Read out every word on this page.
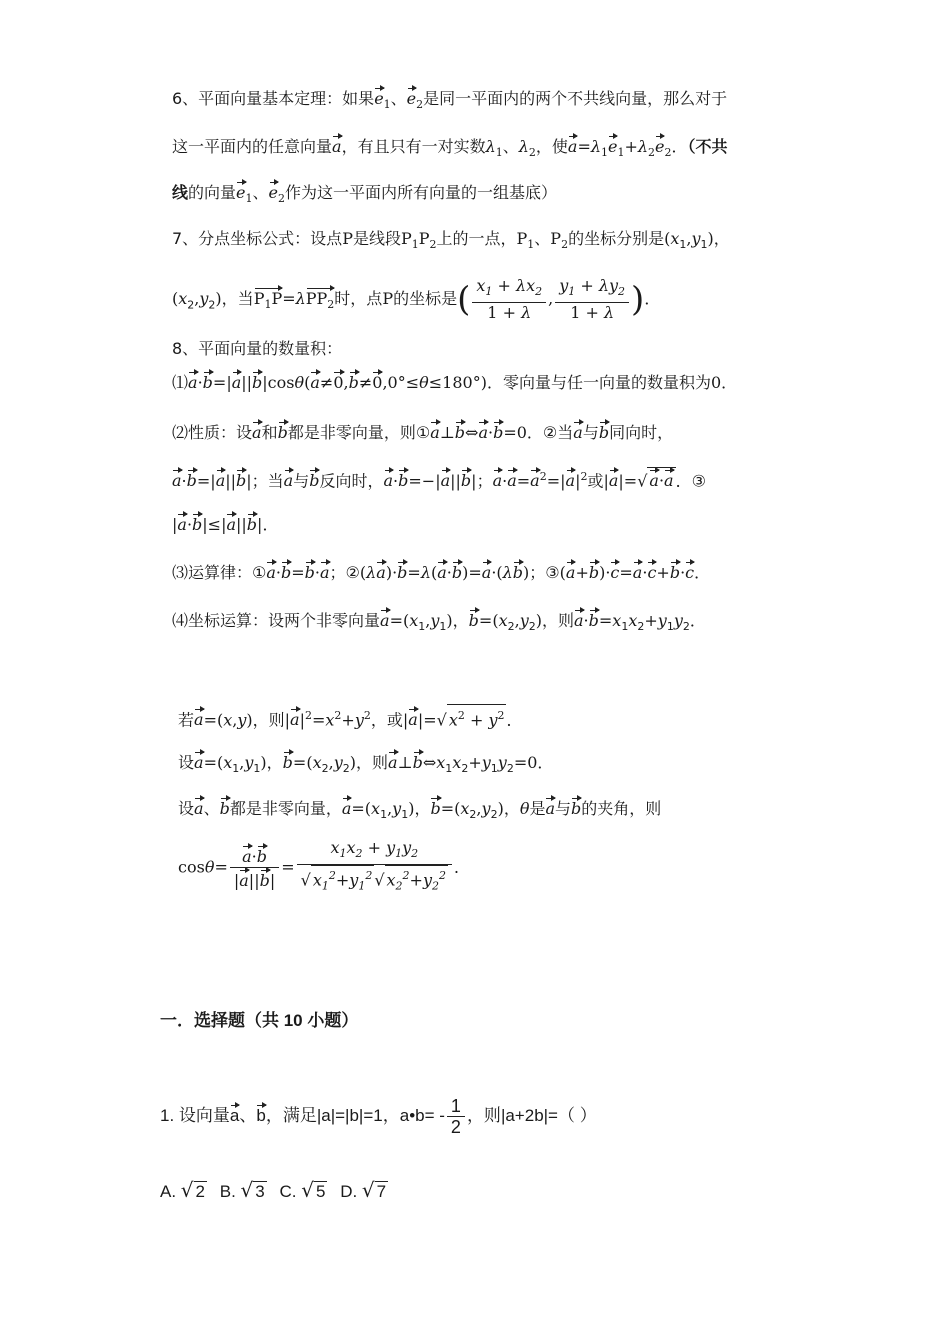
6、平面向量基本定理：如果$e_1$、$e_2$是同一平面内的两个不共线向量，那么对于
这一平面内的任意向量a，有且只有一对实数$\lambda_1$、$\lambda_2$，使$a=\lambda_1e_1+\lambda_2e_2$．（不共
线的向量$e_1$、$e_2$作为这一平面内所有向量的一组基底）
7、分点坐标公式：设点P是线段$P_1P_2$上的一点，$P_1$、$P_2$的坐标分别是$(x_1,y_1)$，
$(x_2,y_2)$，当$P_1P=\lambda PP_2$时，点P的坐标是( $\frac{x_1 + \lambda x_2}{1 + \lambda}$ , $\frac{y_1 + \lambda y_2}{1 + \lambda}$ )．
8、平面向量的数量积：
⑴a·b=|a||b|cosθ(a≠0,b≠0,0°≤θ≤180°)．零向量与任一向量的数量积为0．
⑵性质：设a和b都是非零向量，则①a⊥b⇔a·b=0．②当a与b同向时，
a·b=|a||b|；当a与b反向时，a·b=−|a||b|；$a\cdot a=a^2=|a|^2$或|a|=√ a·a ．③
|a·b|≤|a||b|．
⑶运算律：①a·b=b·a；②(λa)·b=λ(a·b)=a·(λb)；③(a+b)·c=a·c+b·c．
⑷坐标运算：设两个非零向量$a=(x_1,y_1)$，$b=(x_2,y_2)$，则$a\cdot b=x_1x_2+y_1y_2$．
若a=(x,y)，则$|a|^2=x^2+y^2$，或|a|=√ $x^2 + y^2$ ．
设$a=(x_1,y_1)$，$b=(x_2,y_2)$，则$a\perp b\Leftrightarrow x_1x_2+y_1y_2=0$．
设a、b都是非零向量，$a=(x_1,y_1)$，$b=(x_2,y_2)$，θ是a与b的夹角，则
$\cos\theta= \frac{a\cdot b}{|a||b|} = \frac{x_1x_2 + y_1y_2}{√ x_1^2+y_1^2 √ x_2^2+y_2^2}$ ．
一．选择题（共 10 小题）
1. 设向量a、b，满足|a|=|b|=1，a•b= - $\frac{1}{2}$ ，则|a+2b|=（ ）
A. √ 2 B. √ 3 C. √ 5 D. √ 7
